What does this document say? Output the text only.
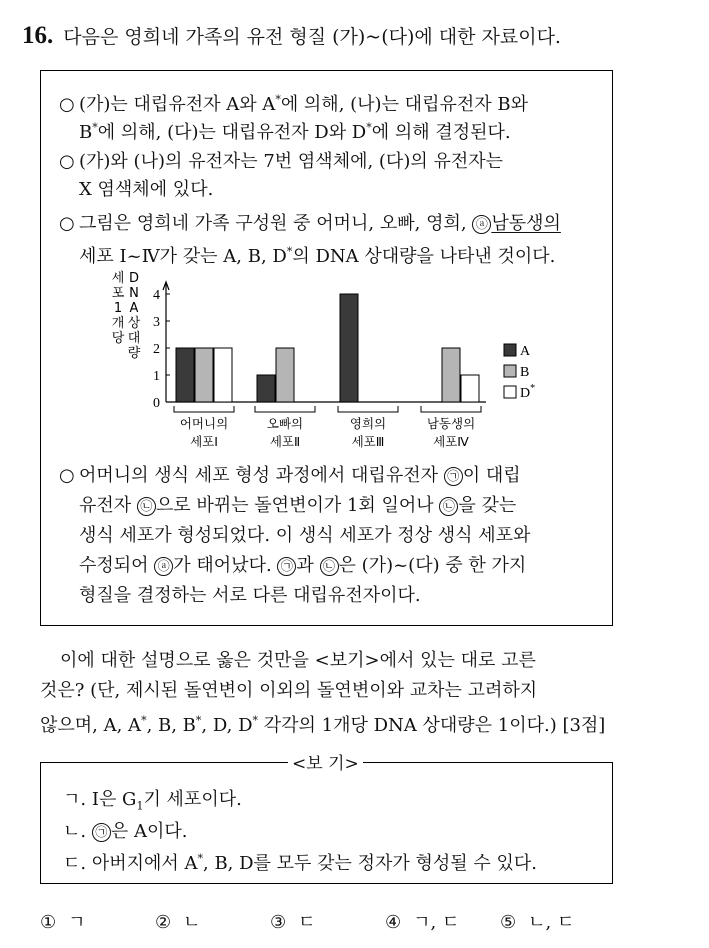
16. 다음은 영희네 가족의 유전 형질 (가)~(다)에 대한 자료이다.
○ (가)는 대립유전자 A와 A*에 의해, (나)는 대립유전자 B와
B*에 의해, (다)는 대립유전자 D와 D*에 의해 결정된다.
○ (가)와 (나)의 유전자는 7번 염색체에, (다)의 유전자는
X 염색체에 있다.
○ 그림은 영희네 가족 구성원 중 어머니, 오빠, 영희, ⓐ 남동생의
세포 Ⅰ~Ⅳ가 갖는 A, B, D*의 DNA 상대량을 나타낸 것이다.
○ 어머니의 생식 세포 형성 과정에서 대립유전자 ㉠ 이 대립
유전자 ㉡ 으로 바뀌는 돌연변이가 1회 일어나 ㉡ 을 갖는
생식 세포가 형성되었다. 이 생식 세포가 정상 생식 세포와
수정되어 ⓐ 가 태어났다. ㉠ 과 ㉡ 은 (가)~(다) 중 한 가지
형질을 결정하는 서로 다른 대립유전자이다.
세
포
1
개
당
D
N
A
상
대
량
0
1
2
3
4
어머니의
세포Ⅰ
오빠의
세포Ⅱ
영희의
세포Ⅲ
남동생의
세포Ⅳ
A
B
D*
이에 대한 설명으로 옳은 것만을 <보기>에서 있는 대로 고른
것은? (단, 제시된 돌연변이 이외의 돌연변이와 교차는 고려하지
않으며, A, A*, B, B*, D, D* 각각의 1개당 DNA 상대량은 1이다.) [3점]
<보 기>
ㄱ. Ⅰ은 $G_1$기 세포이다.
ㄴ. ㉠ 은 A이다.
ㄷ. 아버지에서 A*, B, D를 모두 갖는 정자가 형성될 수 있다.
① ㄱ	② ㄴ	③ ㄷ	④ ㄱ, ㄷ ⑤ ㄴ, ㄷ
